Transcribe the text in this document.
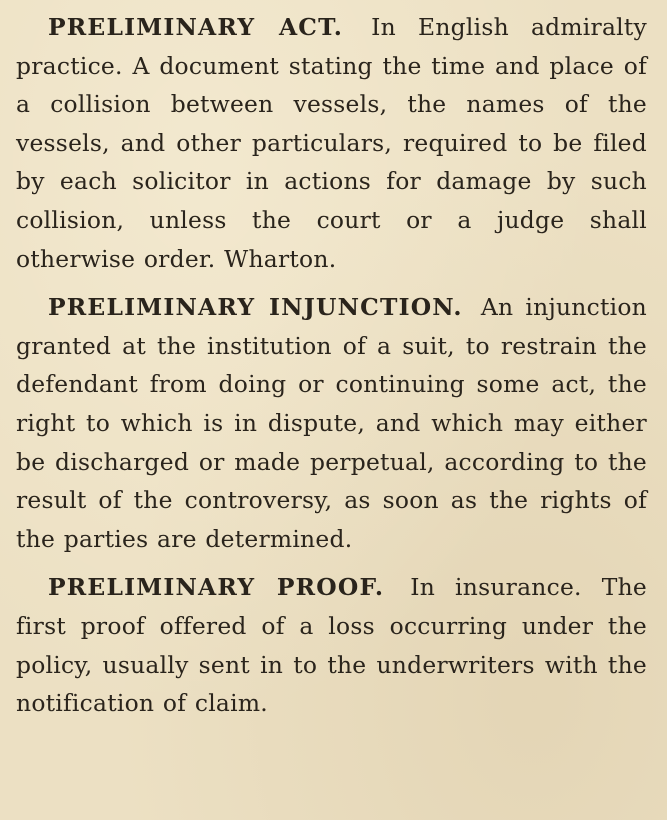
PRELIMINARY ACT. In English admiralty practice. A document stating the time and place of a collision between vessels, the names of the vessels, and other particulars, required to be filed by each solicitor in actions for damage by such collision, unless the court or a judge shall otherwise order. Wharton.

PRELIMINARY INJUNCTION. An injunction granted at the institution of a suit, to restrain the defendant from doing or continuing some act, the right to which is in dispute, and which may either be discharged or made perpetual, according to the result of the controversy, as soon as the rights of the parties are determined.

PRELIMINARY PROOF. In insurance. The first proof offered of a loss occurring under the policy, usually sent in to the underwriters with the notification of claim.
